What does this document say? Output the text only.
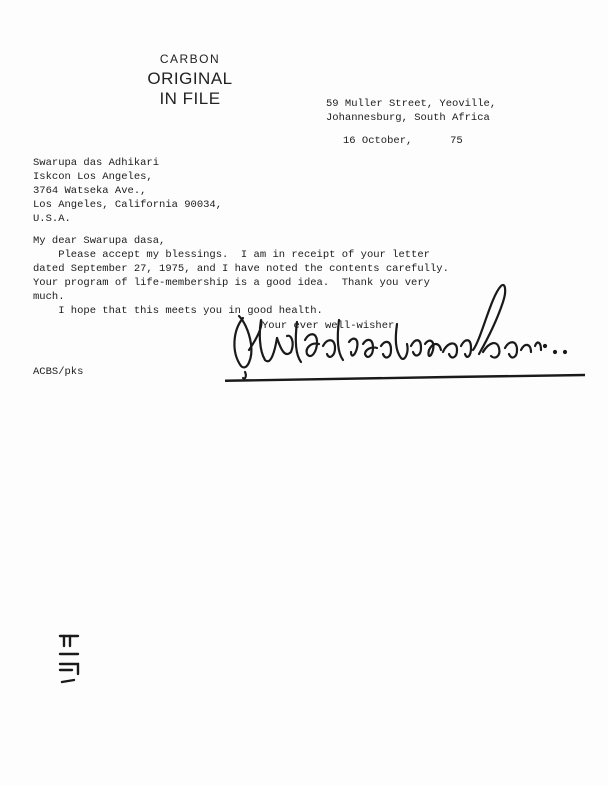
CARBON
ORIGINAL
IN FILE	59 Muller Street, Yeoville,
Johannesburg, South Africa
16 October,      75
Swarupa das Adhikari
Iskcon Los Angeles,
3764 Watseka Ave.,
Los Angeles, California 90034,
U.S.A.
My dear Swarupa dasa,
Please accept my blessings.  I am in receipt of your letter
dated September 27, 1975, and I have noted the contents carefully.
Your program of life-membership is a good idea.  Thank you very
much.
I hope that this meets you in good health.
Your ever well-wisher,
ACBS/pks
